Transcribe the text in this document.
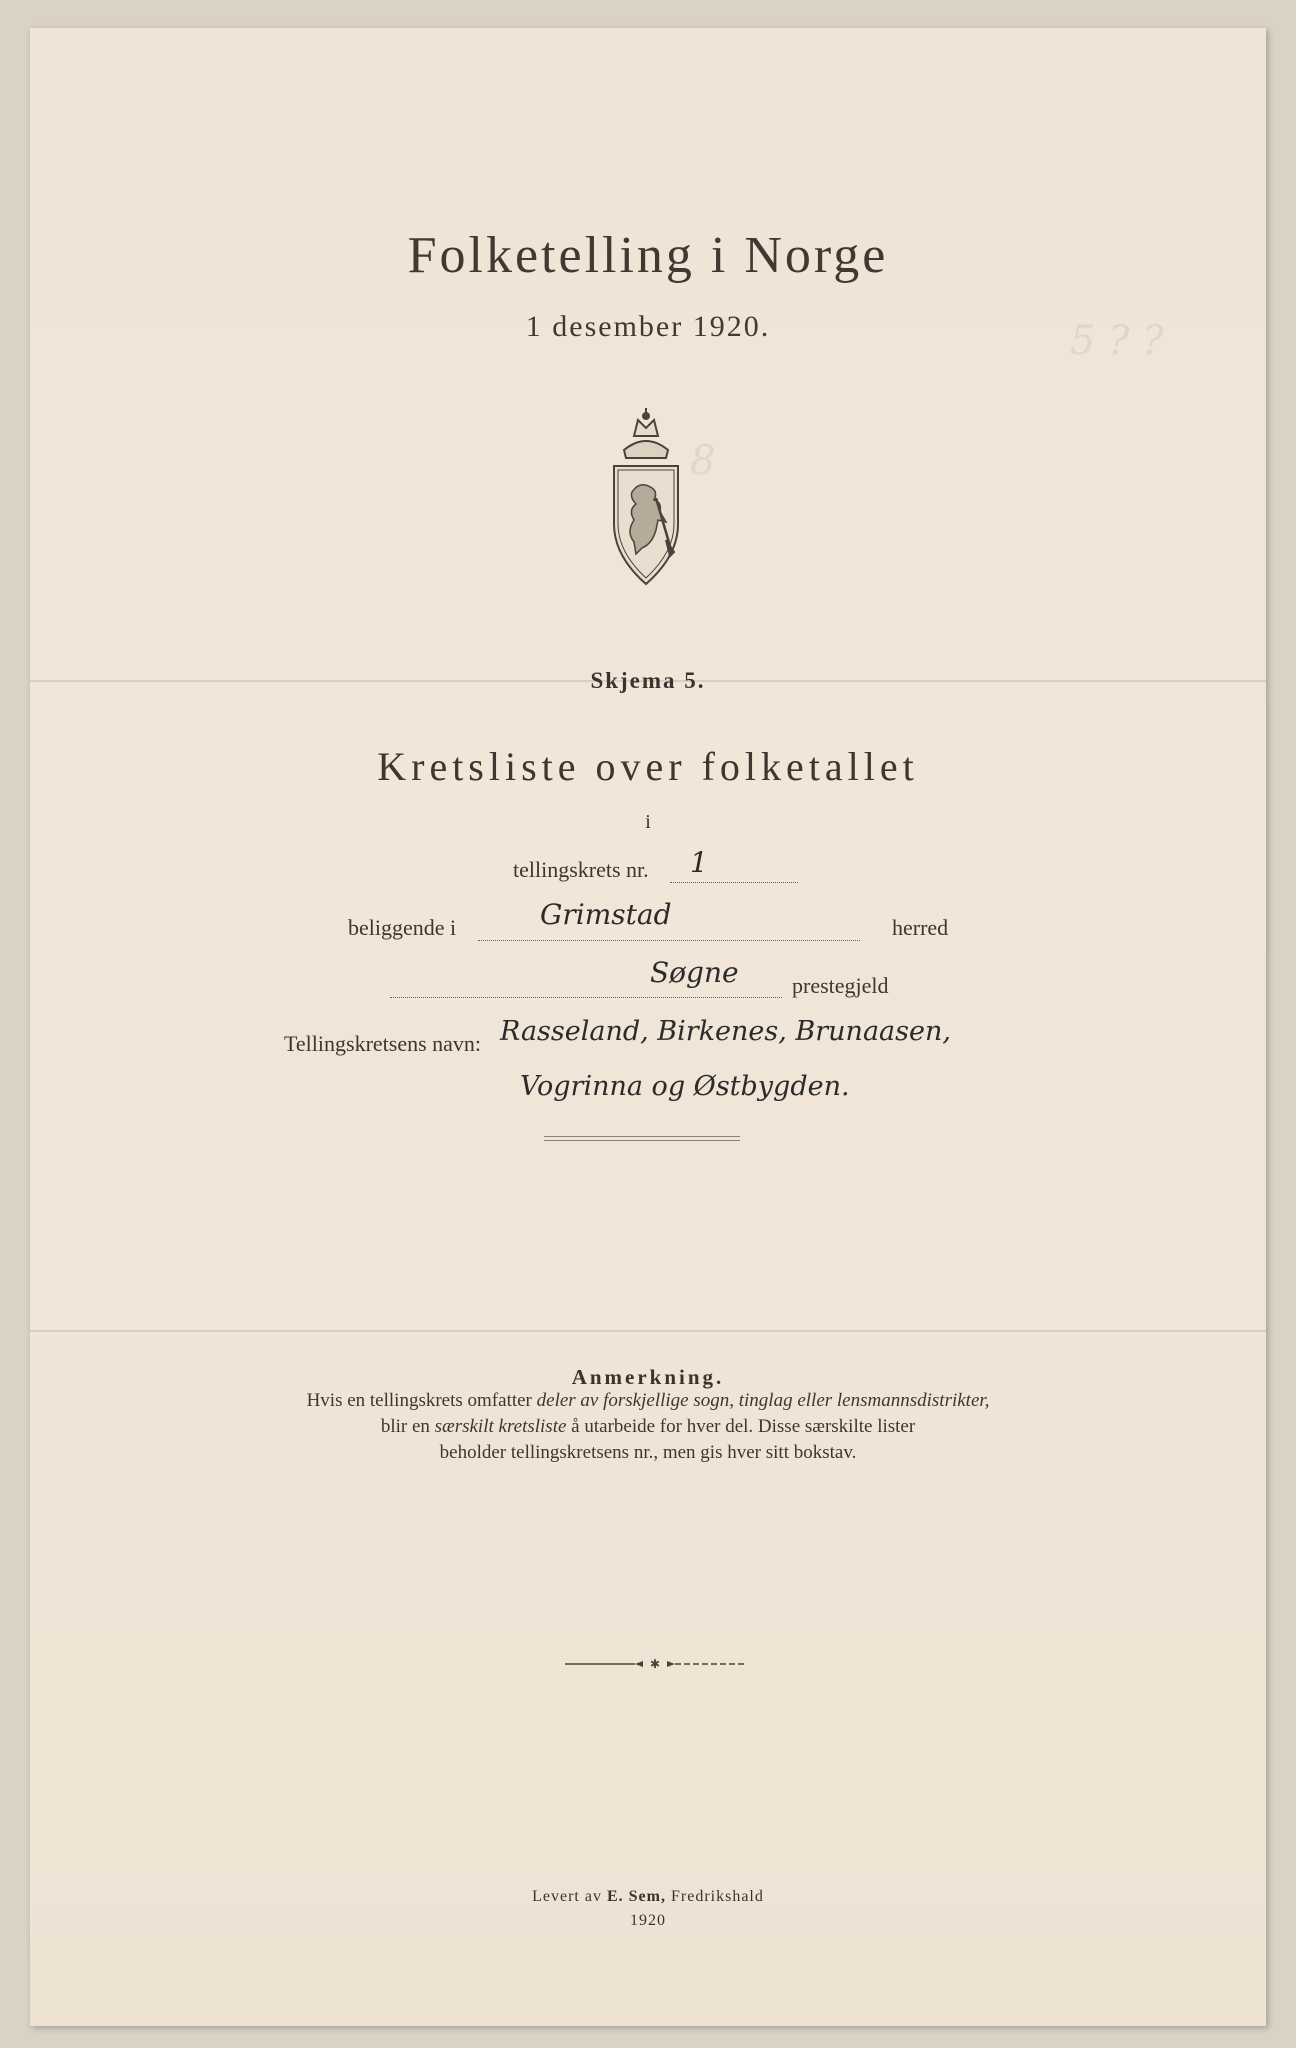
5 ? ?
8
Folketelling i Norge
1 desember 1920.
Skjema 5.
Kretsliste over folketallet
i
tellingskrets nr. 1
beliggende i	Grimstad	herred
Søgne prestegjeld
Tellingskretsens navn: Rasseland, Birkenes, Brunaasen,
Vogrinna og Østbygden.
Anmerkning.
Hvis en tellingskrets omfatter deler av forskjellige sogn, tinglag eller lensmannsdistrikter,
blir en særskilt kretsliste å utarbeide for hver del. Disse særskilte lister
beholder tellingskretsens nr., men gis hver sitt bokstav.
✱
Levert av E. Sem, Fredrikshald
1920
